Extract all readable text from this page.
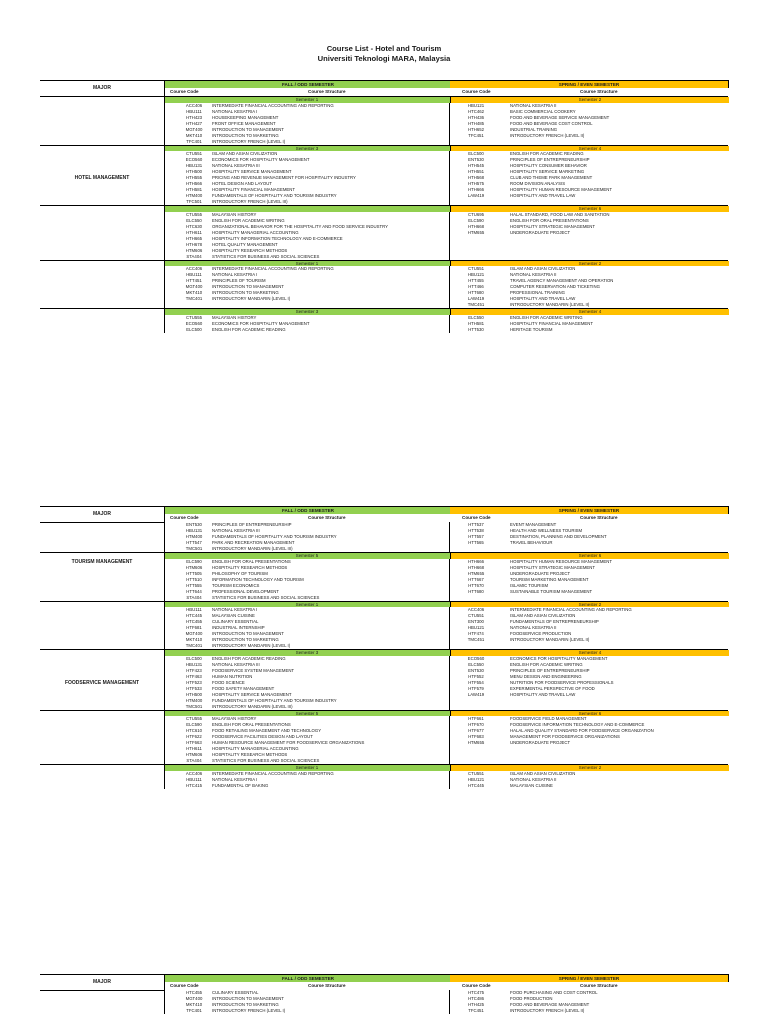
Course List - Hotel and Tourism
Universiti Teknologi MARA, Malaysia
MAJOR
FALL / ODD SEMESTER	SPRING / EVEN SEMESTER
Course Code	Course Structure	Course Code	Course Structure
Semester 1	Semester 2
ACC406	INTERMEDIATE FINANCIAL ACCOUNTING AND REPORTING	HBU121	NATIONAL KESATRIA II
HBU111	NATIONAL KESATRIA I	HTC462	BASIC COMMERCIAL COOKERY
HTH423	HOUSEKEEPING MANAGEMENT	HTH436	FOOD AND BEVERAGE SERVICE MANAGEMENT
HTH427	FRONT OFFICE MANAGEMENT	HTH485	FOOD AND BEVERAGE COST CONTROL
MGT400	INTRODUCTION TO MANAGEMENT	HTH652	INDUSTRIAL TRAINING
MKT410	INTRODUCTION TO MARKETING	TFC451	INTRODUCTORY FRENCH (LEVEL II)
TFC401	INTRODUCTORY FRENCH (LEVEL I)
Semester 3	Semester 4
CTU551	ISLAM AND ASIAN CIVILIZATION	ELC500	ENGLISH FOR ACADEMIC READING
ECO560	ECONOMICS FOR HOSPITALITY MANAGEMENT	ENT530	PRINCIPLES OF ENTREPRENEURSHIP
HBU131	NATIONAL KESATRIA III	HTH545	HOSPITALITY CONSUMER BEHAVIOR
HTH500	HOSPITALITY SERVICE MANAGEMENT	HTH551	HOSPITALITY SERVICE MARKETING
HTH555	PRICING AND REVENUE MANAGEMENT FOR HOSPITALITY INDUSTRY	HTH568	CLUB AND THEME PARK MANAGEMENT
HTH566	HOTEL DESIGN AND LAYOUT	HTH575	ROOM DIVISION ANALYSIS
HTH581	HOSPITALITY FINANCIAL MANAGEMENT	HTH666	HOSPITALITY HUMAN RESOURCE MANAGEMENT
HTM400	FUNDAMENTALS OF HOSPITALITY AND TOURISM INDUSTRY	LAW419	HOSPITALITY AND TRAVEL LAW
TFC501	INTRODUCTORY FRENCH (LEVEL III)
Semester 6
CTU555	MALAYSIAN HISTORY	CTU695	HALAL STANDARD, FOOD LAW AND SANITATION
ELC550	ENGLISH FOR ACADEMIC WRITING	ELC590	ENGLISH FOR ORAL PRESENTATIONS
HTC630	ORGANIZATIONAL BEHAVIOR FOR THE HOSPITALITY AND FOOD SERVICE INDUSTRY	HTH668	HOSPITALITY STRATEGIC MANAGEMENT
HTH611	HOSPITALITY MANAGERIAL ACCOUNTING	HTM655	UNDERGRADUATE PROJECT
HTH665	HOSPITALITY INFORMATION TECHNOLOGY AND E-COMMERCE
HTH678	HOTEL QUALITY MANAGEMENT
HTM606	HOSPITALITY RESEARCH METHODS
STA404	STATISTICS FOR BUSINESS AND SOCIAL SCIENCES
HOTEL MANAGEMENT
Semester 1	Semester 2
ACC406	INTERMEDIATE FINANCIAL ACCOUNTING AND REPORTING	CTU551	ISLAM AND ASIAN CIVILIZATION
HBU111	NATIONAL KESATRIA I	HBU121	NATIONAL KESATRIA II
HTT451	PRINCIPLES OF TOURISM	HTT455	TRAVEL AGENCY MANAGEMENT AND OPERATION
MGT400	INTRODUCTION TO MANAGEMENT	HTT466	COMPUTER RESERVATION AND TICKETING
MKT410	INTRODUCTION TO MARKETING	HTT680	PROFESSIONAL TRAINING
TMC401	INTRODUCTORY MANDARIN (LEVEL I)	LAW419	HOSPITALITY AND TRAVEL LAW
TMC451	INTRODUCTORY MANDARIN (LEVEL II)
Semester 3	Semester 4
CTU555	MALAYSIAN HISTORY	ELC550	ENGLISH FOR ACADEMIC WRITING
ECO560	ECONOMICS FOR HOSPITALITY MANAGEMENT	HTH581	HOSPITALITY FINANCIAL MANAGEMENT
ELC500	ENGLISH FOR ACADEMIC READING	HTT530	HERITAGE TOURISM
MAJOR
FALL / ODD SEMESTER	SPRING / EVEN SEMESTER
Course Code	Course Structure	Course Code	Course Structure
ENT530	PRINCIPLES OF ENTREPRENEURSHIP	HTT537	EVENT MANAGEMENT
HBU131	NATIONAL KESATRIA III	HTT538	HEALTH AND WELLNESS TOURISM
HTM400	FUNDAMENTALS OF HOSPITALITY AND TOURISM INDUSTRY	HTT557	DESTINATION, PLANNING AND DEVELOPMENT
HTT547	PARK AND RECREATION MANAGEMENT	HTT565	TRAVEL BEHAVIOUR
TMC501	INTRODUCTORY MANDARIN (LEVEL III)
Semester 5	Semester 6
ELC590	ENGLISH FOR ORAL PRESENTATIONS	HTH666	HOSPITALITY HUMAN RESOURCE MANAGEMENT
HTM606	HOSPITALITY RESEARCH METHODS	HTH668	HOSPITALITY STRATEGIC MANAGEMENT
HTT505	PHILOSOPHY OF TOURISM	HTM655	UNDERGRADUATE PROJECT
HTT510	INFORMATION TECHNOLOGY AND TOURISM	HTT667	TOURISM MARKETING MANAGEMENT
HTT555	TOURISM ECONOMICS	HTT670	ISLAMIC TOURISM
HTT644	PROFESSIONAL DEVELOPMENT	HTT680	SUSTAINABLE TOURISM MANAGEMENT
STA404	STATISTICS FOR BUSINESS AND SOCIAL SCIENCES
TOURISM MANAGEMENT
Semester 1	Semester 2
HBU111	NATIONAL KESATRIA I	ACC406	INTERMEDIATE FINANCIAL ACCOUNTING AND REPORTING
HTC445	MALAYSIAN CUISINE	CTU551	ISLAM AND ASIAN CIVILIZATION
HTC455	CULINARY ESSENTIAL	ENT300	FUNDAMENTALS OF ENTREPRENEURSHIP
HTF681	INDUSTRIAL INTERNSHIP	HBU121	NATIONAL KESATRIA II
MGT400	INTRODUCTION TO MANAGEMENT	HTF474	FOODSERVICE PRODUCTION
MKT410	INTRODUCTION TO MARKETING	TMC451	INTRODUCTORY MANDARIN (LEVEL II)
TMC401	INTRODUCTORY MANDARIN (LEVEL I)
Semester 3	Semester 4
ELC500	ENGLISH FOR ACADEMIC READING	ECO560	ECONOMICS FOR HOSPITALITY MANAGEMENT
HBU131	NATIONAL KESATRIA III	ELC550	ENGLISH FOR ACADEMIC WRITING
HTF423	FOODSERVICE SYSTEM MANAGEMENT	ENT530	PRINCIPLES OF ENTREPRENEURSHIP
HTF463	HUMAN NUTRITION	HTF552	MENU DESIGN AND ENGINEERING
HTF523	FOOD SCIENCE	HTF554	NUTRITION FOR FOODSERVICE PROFESSIONALS
HTF533	FOOD SAFETY MANAGEMENT	HTF579	EXPERIMENTAL PERSPECTIVE OF FOOD
HTH500	HOSPITALITY SERVICE MANAGEMENT	LAW419	HOSPITALITY AND TRAVEL LAW
HTM400	FUNDAMENTALS OF HOSPITALITY AND TOURISM INDUSTRY
TMC501	INTRODUCTORY MANDARIN (LEVEL III)
Semester 5	Semester 6
CTU555	MALAYSIAN HISTORY	HTF661	FOODSERVICE FIELD MANAGEMENT
ELC590	ENGLISH FOR ORAL PRESENTATIONS	HTF670	FOODSERVICE INFORMATION TECHNOLOGY AND E-COMMERCE
HTC610	FOOD RETAILING MANAGEMENT AND TECHNOLOGY	HTF677	HALAL AND QUALITY STANDARD FOR FOODSERVICE ORGANIZATION
HTF622	FOODSERVICE FACILITIES DESIGN AND LAYOUT	HTF683	MANAGEMENT FOR FOODSERVICE ORGANIZATIONS
HTF663	HUMAN RESOURCE MANAGEMENT FOR FOODSERVICE ORGANIZATIONS	HTM655	UNDERGRADUATE PROJECT
HTH611	HOSPITALITY MANAGERIAL ACCOUNTING
HTM606	HOSPITALITY RESEARCH METHODS
STA404	STATISTICS FOR BUSINESS AND SOCIAL SCIENCES
FOODSERVICE MANAGEMENT
Semester 1	Semester 2
ACC406	INTERMEDIATE FINANCIAL ACCOUNTING AND REPORTING	CTU551	ISLAM AND ASIAN CIVILIZATION
HBU111	NATIONAL KESATRIA I	HBU121	NATIONAL KESATRIA II
HTC415	FUNDAMENTAL OF BAKING	HTC445	MALAYSIAN CUISINE
MAJOR
FALL / ODD SEMESTER	SPRING / EVEN SEMESTER
Course Code	Course Structure	Course Code	Course Structure
HTC455	CULINARY ESSENTIAL	HTC475	FOOD PURCHASING AND COST CONTROL
MGT400	INTRODUCTION TO MANAGEMENT	HTC486	FOOD PRODUCTION
MKT410	INTRODUCTION TO MARKETING	HTH425	FOOD AND BEVERAGE MANAGEMENT
TFC401	INTRODUCTORY FRENCH (LEVEL I)	TFC451	INTRODUCTORY FRENCH (LEVEL II)
